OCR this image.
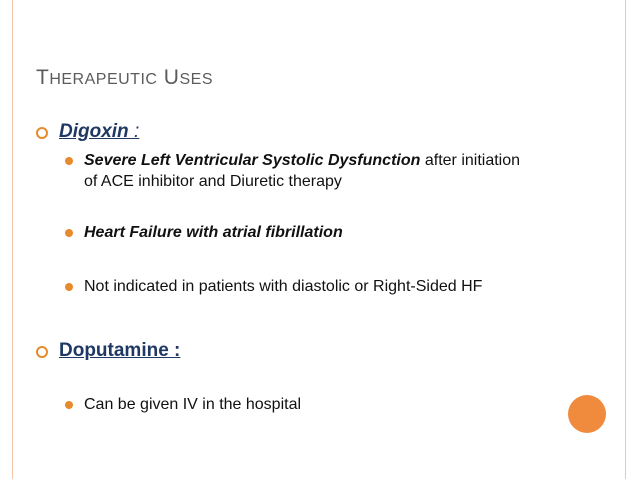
THERAPEUTIC USES
Digoxin :
Severe Left Ventricular Systolic Dysfunction after initiation
of ACE inhibitor and Diuretic therapy
Heart Failure with atrial fibrillation
Not indicated in patients with diastolic or Right-Sided HF
Doputamine :
Can be given IV in the hospital
